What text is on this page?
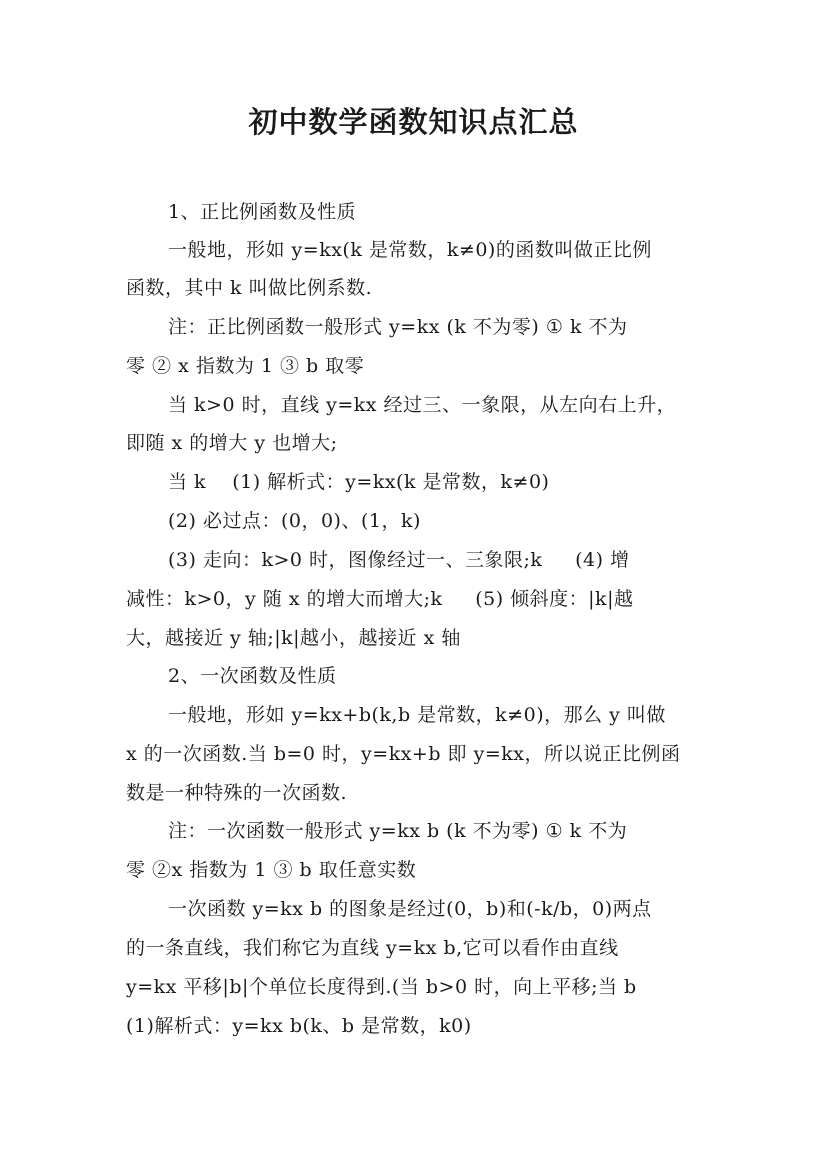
初中数学函数知识点汇总
1、正比例函数及性质
一般地，形如 y=kx(k 是常数，k≠0)的函数叫做正比例
函数，其中 k 叫做比例系数.
注：正比例函数一般形式 y=kx (k 不为零) ① k 不为
零 ② x 指数为 1 ③ b 取零
当 k>0 时，直线 y=kx 经过三、一象限，从左向右上升，
即随 x 的增大 y 也增大;
当 k    (1) 解析式：y=kx(k 是常数，k≠0)
(2) 必过点：(0，0)、(1，k)
(3) 走向：k>0 时，图像经过一、三象限;k     (4) 增
减性：k>0，y 随 x 的增大而增大;k     (5) 倾斜度：|k|越
大，越接近 y 轴;|k|越小，越接近 x 轴
2、一次函数及性质
一般地，形如 y=kx+b(k,b 是常数，k≠0)，那么 y 叫做
x 的一次函数.当 b=0 时，y=kx+b 即 y=kx，所以说正比例函
数是一种特殊的一次函数.
注：一次函数一般形式 y=kx b (k 不为零) ① k 不为
零 ②x 指数为 1 ③ b 取任意实数
一次函数 y=kx b 的图象是经过(0，b)和(-k/b，0)两点
的一条直线，我们称它为直线 y=kx b,它可以看作由直线
y=kx 平移|b|个单位长度得到.(当 b>0 时，向上平移;当 b
(1)解析式：y=kx b(k、b 是常数，k0)
